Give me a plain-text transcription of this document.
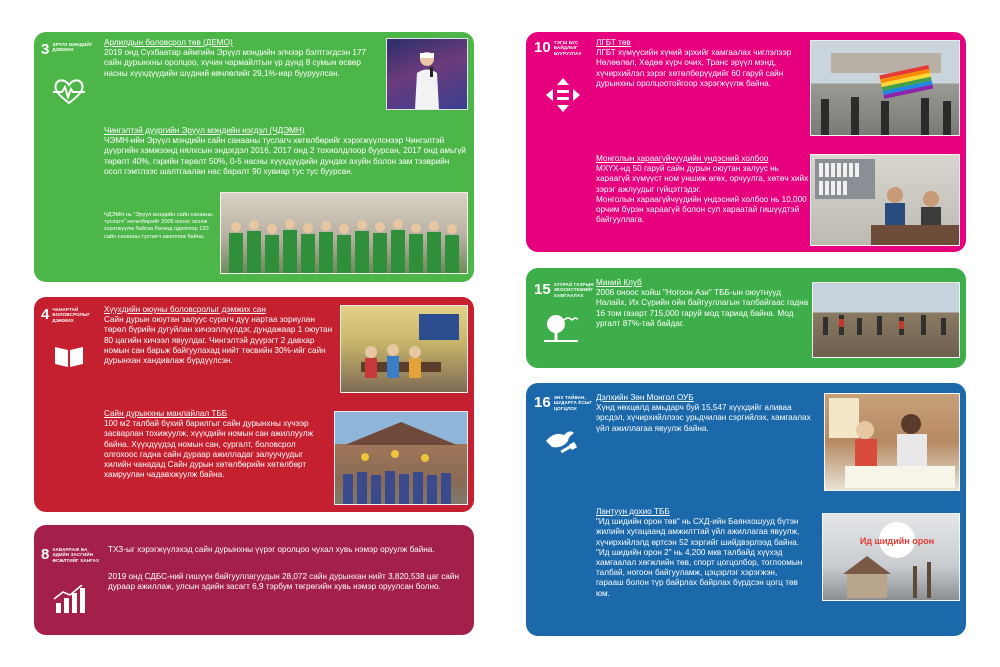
3 ЭРҮҮЛ МЭНДИЙГ ДЭМЖИХ
Арлилдын боловсрол төв (ДЕМО)

2019 онд Сүхбаатар аймгийн Эрүүл мэндийн элчээр бэлтгэгдсэн 177 сайн дурынхны оролцоо, хүчин чармайлтын үр дүнд 8 сумын өсвөр насны хүүхдүүдийн шүдний өвчлөлийг 29,1%-иар бууруулсан.

Чингэлтэй дүүргийн Эрүүл мэндийн нэгдэл (ЧДЭМН)

ЧЭМН-ийн Эрүүл мэндийн сайн санааны туслагч хөтөлбөрийг хэрэгжүүлснээр Чингэлтэй дүүргийн хэмжээнд нялхсын эндэгдэл 2016, 2017 онд 2 тохиолдлоор буурсан, 2017 онд амьгүй төрөлт 40%, гэрийн төрөлт 50%, 0-5 насны хүүхдүүдийн дундах ахуйн болон зам тээврийн осол гэмтлээс шалтгаалан нас баралт 90 хувиар тус тус буурсан.

ЧДЭМН нь "Эрүүл мэндийн сайн санааны туслагч" хөтөлбөрийг 2006 оноос эхэлж хэрэгжүүлж байгаа бөгөөд одоогоор 120 сайн санааны туслагч ажиллаж байна.
4 ЧАНАРТАЙ БОЛОВСРОЛЫГ ДЭМЖИХ
Хүүхдийн оюуны боловсролыг дэмжих сан

Сайн дурын оюутан залуус сурагч дүү нартаа зориулан төрөл бүрийн дугуйлан хичээллүүлдэг, дундажаар 1 оюутан 80 цагийн хичээл явуулдаг. Чингэлтэй дүүрэгт 2 давхар номын сан барьж байгуулахад нийт төсвийн 30%-ийг сайн дурынхан хандивлаж бүрдүүлсэн.

Сайн дурынхны манлайлал ТББ

100 м2 талбай бүхий барилгыг сайн дурынхны хүчээр засварлан тохижуулж, хүүхдийн номын сан ажиллуулж байна. Хүүхдүүдэд номын сан, сургалт, боловсрол олгохоос гадна сайн дурaар ажилладаг залуучуудыг хилийн чанадад Сайн дурын хөтөлбөрийн хөтөлбөрт хамруулан чадавхжуулж байна.

8 ХАВАРЛАЖ БА ЭДИЙН ЗАСГИЙН ӨСӨЛТИЙГ ХАНГАХ
ТХЗ-ыг хэрэгжүүлэхэд сайн дурынхны үүрэг оролцоо чухал хувь нэмэр оруулж байна.
2019 онд СДБС-ний гишүүн байгууллагуудын 28,072 сайн дурынхан нийт 3,820,538 цаг сайн дураар ажиллаж, улсын эдийн засагт 6,9 тэрбум төгрөгийн хувь нэмэр оруулсан болно.
10 ТЭГШ БУС БАЙДЛЫГ БУУРУУЛАХ
ЛГБТ төв

ЛГБТ хүмүүсийн хүний эрхийг хамгаалах чиглэлээр Нөлөөлөл, Хөдөө хүрч очих, Транс эрүүл мэнд, хүчирхийлэл зэрэг хөтөлбөрүүдийг 60 гаруй сайн дурынхны оролцоотойгоор хэрэгжүүлж байна.

Монголын хараагүйчүүдийн үндэсний холбоо

МХҮХ-нд 50 гаруй сайн дурын оюутан залуус нь хараагүй хүмүүст ном уншиж өгөх, орчуулга, хөтөч хийх зэрэг ажлуудыг гүйцэтгэдэг.

Монголын хараагүйчүүдийн үндэсний холбоо нь 10,000 орчим бүрэн хараагүй болон сул хараатай гишүүдтэй байгууллага.

15 ХУУРАЙ ГАЗРЫН ЭКОСИСТЕМИЙГ ХАМГААЛАХ
Миний Клуб

2006 оноос хойш "Ногоон Ази" ТББ-ын оюутнууд Налайх, Их Сүрийн ойн байгууллагын талбайгаас гадна 16 том газарт 715,000 гаруй мод тариад байна. Мод ургалт 87%-тай байдаг.

16 ЭНХ ТАЙВАН, ШУДАРГА ЁСЫГ ЦОГЦЛОХ
Дэлхийн Зөн Монгол ОУБ

Хүнд нөхцөлд амьдарч буй 15,547 хүүхдийг аливаа эрсдэл, хүчирхийллээс урьдчилан сэргийлэх, хамгаалах үйл ажиллагаа явуулж байна.

Лантуун дохио ТББ

"Ид шидийн орон төв" нь СХД-ийн Баянхошууд бүтэн жилийн хугацаанд амжилттай үйл ажиллагаа явуулж, хүчирхийлэлд өртсэн 52 хэргийг шийдвэрлээд байна.

"Ид шидийн орон 2" нь 4,200 мкв талбайд хүүхэд хамгаалал хөгжлийн төв, спорт цогцолбор, тоглоомын талбай, ногоон байгууламж, цэцэрлэг хэрэгжэн, гарааш болон түр байрлах байрлах бүрдсэн цогц төв юм.

Ид шидийн орон
